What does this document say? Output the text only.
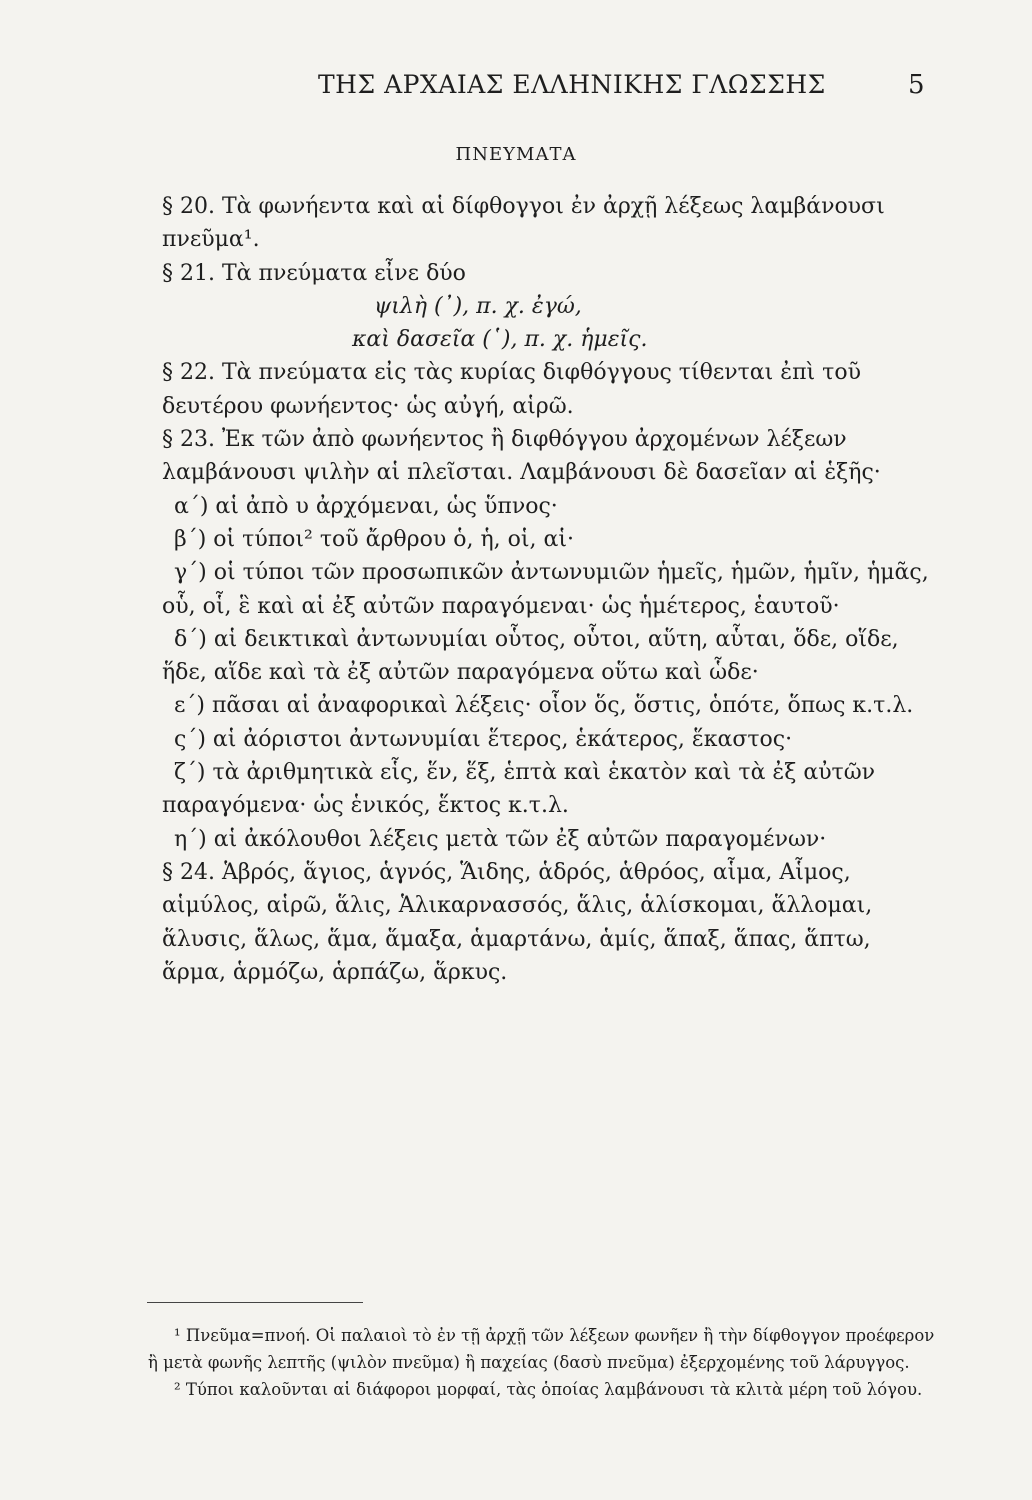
ΤΗΣ ΑΡΧΑΙΑΣ ΕΛΛΗΝΙΚΗΣ ΓΛΩΣΣΗΣ	5
ΠΝΕΥΜΑΤΑ

§ 20. Τὰ φωνήεντα καὶ αἱ δίφθογγοι ἐν ἀρχῇ λέξεως λαμβάνουσι πνεῦμα¹.

§ 21. Τὰ πνεύματα εἶνε δύο

ψιλὴ (᾿), π. χ. ἐγώ,

καὶ δασεῖα (῾), π. χ. ἡμεῖς.

§ 22. Τὰ πνεύματα εἰς τὰς κυρίας διφθόγγους τίθενται ἐπὶ τοῦ δευτέρου φωνήεντος· ὡς αὐγή, αἱρῶ.

§ 23. Ἐκ τῶν ἀπὸ φωνήεντος ἢ διφθόγγου ἀρχομένων λέξεων λαμβάνουσι ψιλὴν αἱ πλεῖσται. Λαμβάνουσι δὲ δασεῖαν αἱ ἑξῆς·

α΄) αἱ ἀπὸ υ ἀρχόμεναι, ὡς ὕπνος·

β΄) οἱ τύποι² τοῦ ἄρθρου ὁ, ἡ, οἱ, αἱ·

γ΄) οἱ τύποι τῶν προσωπικῶν ἀντωνυμιῶν ἡμεῖς, ἡμῶν, ἡμῖν, ἡμᾶς, οὗ, οἷ, ἓ καὶ αἱ ἐξ αὐτῶν παραγόμεναι· ὡς ἡμέτερος, ἑαυτοῦ·

δ΄) αἱ δεικτικαὶ ἀντωνυμίαι οὗτος, οὗτοι, αὕτη, αὗται, ὅδε, οἵδε, ἥδε, αἵδε καὶ τὰ ἐξ αὐτῶν παραγόμενα οὕτω καὶ ὧδε·

ε΄) πᾶσαι αἱ ἀναφορικαὶ λέξεις· οἷον ὅς, ὅστις, ὁπότε, ὅπως κ.τ.λ.

ς΄) αἱ ἀόριστοι ἀντωνυμίαι ἕτερος, ἑκάτερος, ἕκαστος·

ζ΄) τὰ ἀριθμητικὰ εἷς, ἕν, ἕξ, ἑπτὰ καὶ ἑκατὸν καὶ τὰ ἐξ αὐτῶν παραγόμενα· ὡς ἑνικός, ἕκτος κ.τ.λ.

η΄) αἱ ἀκόλουθοι λέξεις μετὰ τῶν ἐξ αὐτῶν παραγομένων·

§ 24. Ἁβρός, ἅγιος, ἁγνός, Ἅιδης, ἁδρός, ἁθρόος, αἷμα, Αἷμος, αἱμύλος, αἱρῶ, ἅλις, Ἁλικαρνασσός, ἅλις, ἁλίσκομαι, ἅλλομαι, ἅλυσις, ἅλως, ἅμα, ἅμαξα, ἁμαρτάνω, ἁμίς, ἅπαξ, ἅπας, ἅπτω, ἅρμα, ἁρμόζω, ἁρπάζω, ἅρκυς.

¹ Πνεῦμα=πνοή. Οἱ παλαιοὶ τὸ ἐν τῇ ἀρχῇ τῶν λέξεων φωνῆεν ἢ τὴν δίφθογγον προέφερον ἢ μετὰ φωνῆς λεπτῆς (ψιλὸν πνεῦμα) ἢ παχείας (δασὺ πνεῦμα) ἐξερχομένης τοῦ λάρυγγος.

² Τύποι καλοῦνται αἱ διάφοροι μορφαί, τὰς ὁποίας λαμβάνουσι τὰ κλιτὰ μέρη τοῦ λόγου.
